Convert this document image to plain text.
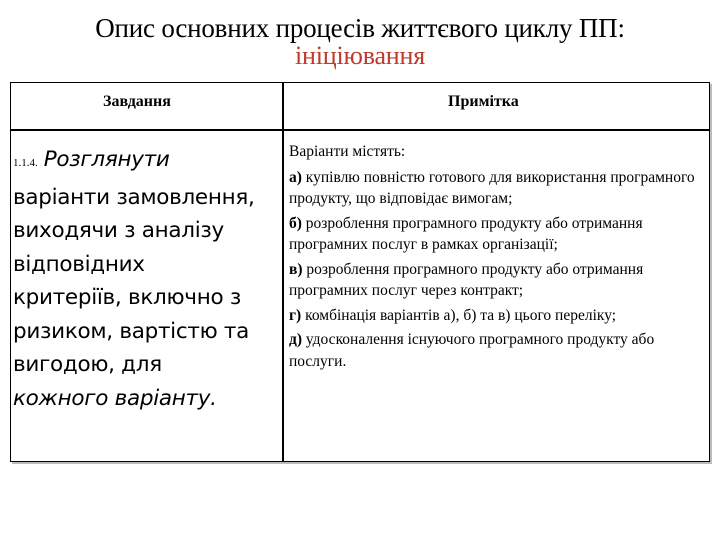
Опис основних процесів життєвого циклу ПП:
ініціювання
Завдання	Примітка
1.1.4. Розглянути
варіанти замовлення,
виходячи з аналізу
відповідних
критеріїв, включно з
ризиком, вартістю та
вигодою, для
кожного варіанту.
Варіанти містять:
а) купівлю повністю готового для використання програмного продукту, що відповідає вимогам;
б) розроблення програмного продукту або отримання програмних послуг в рамках організації;
в) розроблення програмного продукту або отримання програмних послуг через контракт;
г) комбінація варіантів а), б) та в) цього переліку;
д) удосконалення існуючого програмного продукту або послуги.
